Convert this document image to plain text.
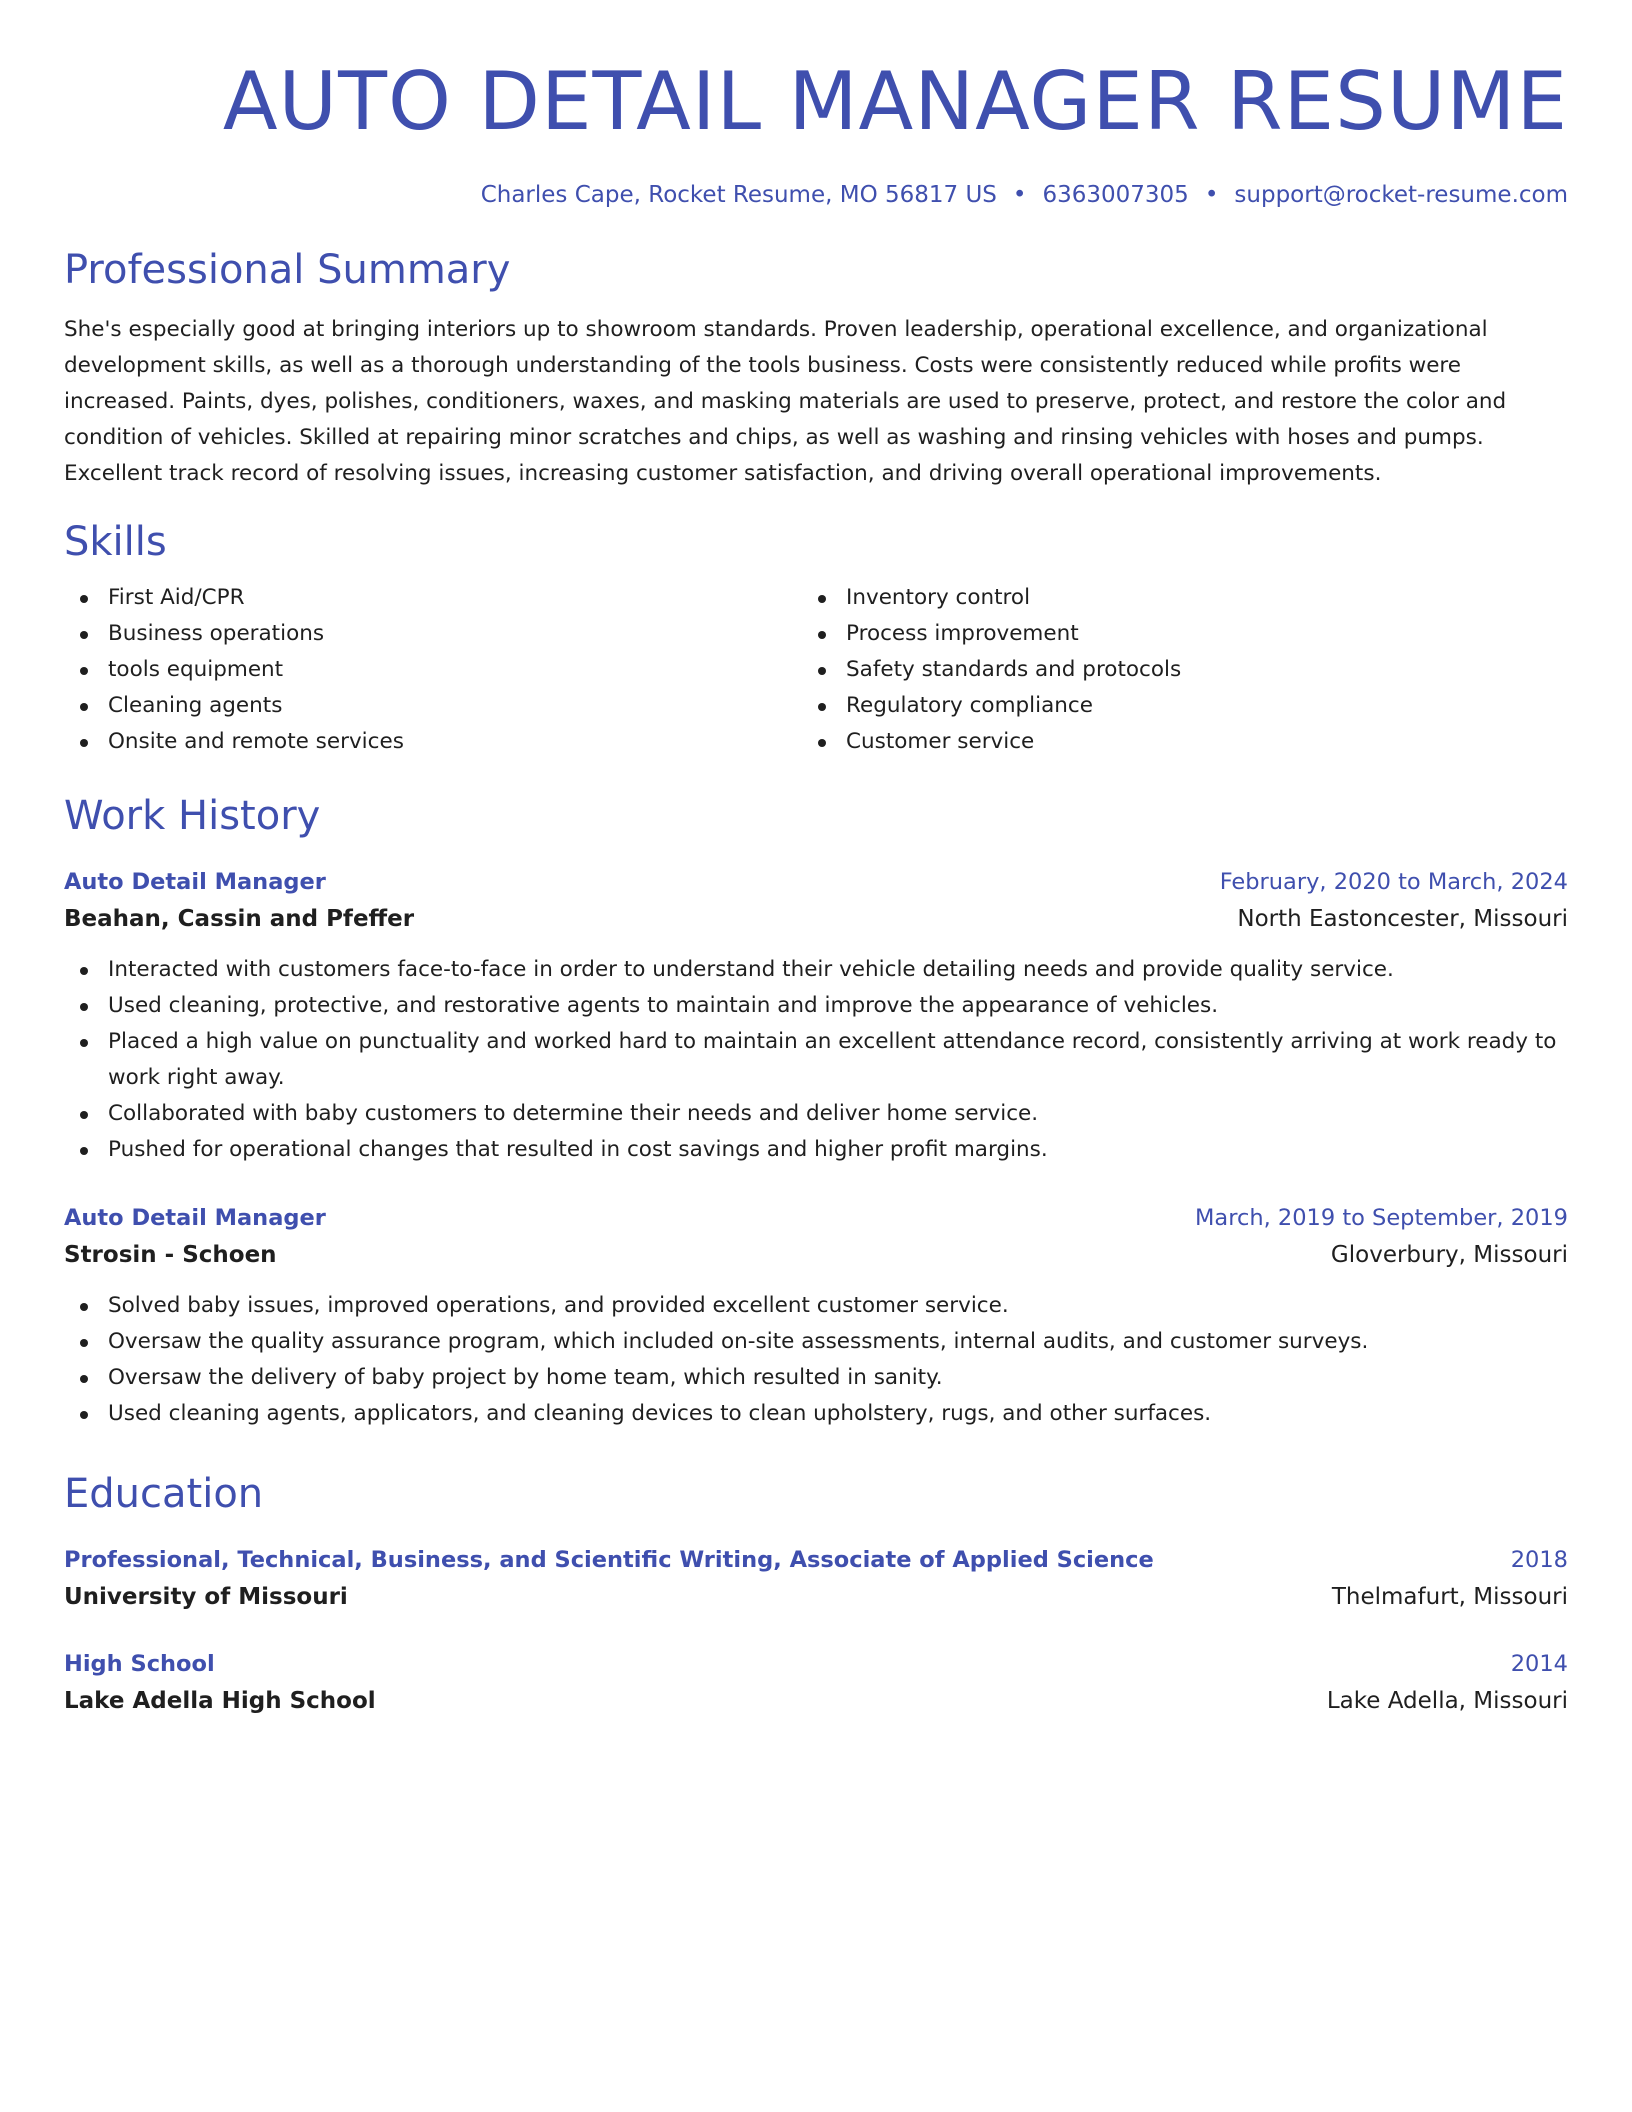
AUTO DETAIL MANAGER RESUME
Charles Cape, Rocket Resume, MO 56817 US • 6363007305 • support@rocket-resume.com
Professional Summary

She's especially good at bringing interiors up to showroom standards. Proven leadership, operational excellence, and organizational development skills, as well as a thorough understanding of the tools business. Costs were consistently reduced while profits were increased. Paints, dyes, polishes, conditioners, waxes, and masking materials are used to preserve, protect, and restore the color and condition of vehicles. Skilled at repairing minor scratches and chips, as well as washing and rinsing vehicles with hoses and pumps. Excellent track record of resolving issues, increasing customer satisfaction, and driving overall operational improvements.

Skills
First Aid/CPR
Business operations
tools equipment
Cleaning agents
Onsite and remote services
Inventory control
Process improvement
Safety standards and protocols
Regulatory compliance
Customer service
Work History
Auto Detail Manager	February, 2020 to March, 2024
Beahan, Cassin and Pfeffer	North Eastoncester, Missouri
Interacted with customers face-to-face in order to understand their vehicle detailing needs and provide quality service.
Used cleaning, protective, and restorative agents to maintain and improve the appearance of vehicles.
Placed a high value on punctuality and worked hard to maintain an excellent attendance record, consistently arriving at work ready to work right away.
Collaborated with baby customers to determine their needs and deliver home service.
Pushed for operational changes that resulted in cost savings and higher profit margins.
Auto Detail Manager	March, 2019 to September, 2019
Strosin - Schoen	Gloverbury, Missouri
Solved baby issues, improved operations, and provided excellent customer service.
Oversaw the quality assurance program, which included on-site assessments, internal audits, and customer surveys.
Oversaw the delivery of baby project by home team, which resulted in sanity.
Used cleaning agents, applicators, and cleaning devices to clean upholstery, rugs, and other surfaces.
Education
Professional, Technical, Business, and Scientific Writing, Associate of Applied Science	2018
University of Missouri	Thelmafurt, Missouri
High School	2014
Lake Adella High School	Lake Adella, Missouri
